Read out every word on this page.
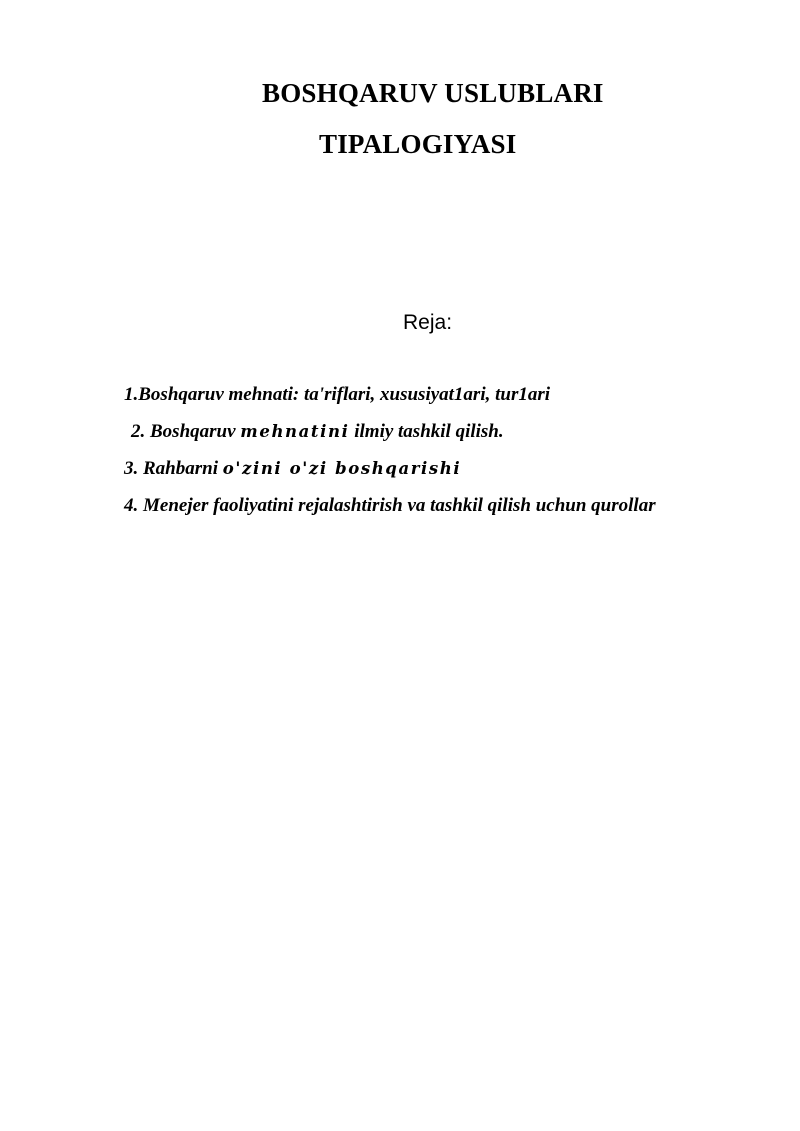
BOSHQARUV USLUBLARI
TIPALOGIYASI
Reja:
1.Boshqaruv mehnati: ta'riflari, xususiyat1ari, tur1ari
2. Boshqaruv mehnatini ilmiy tashkil qilish.
3. Rahbarni o'zini o'zi boshqarishi
4. Menejer faoliyatini rejalashtirish va tashkil qilish uchun qurollar
